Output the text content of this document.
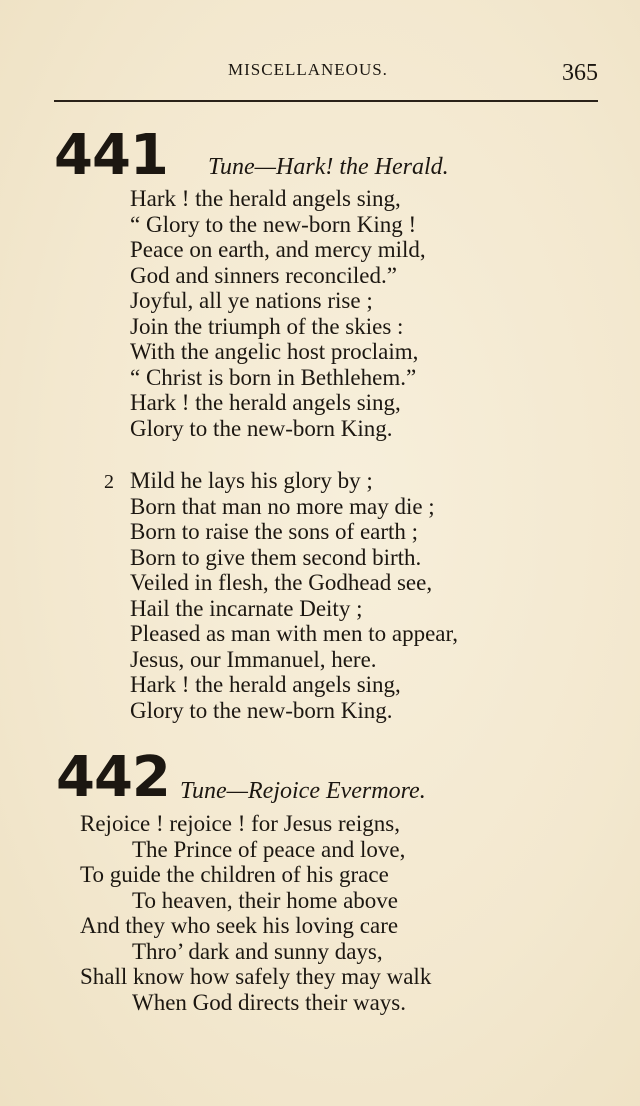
MISCELLANEOUS.	365
441 Tune—Hark! the Herald.
Hark ! the herald angels sing,
“ Glory to the new-born King !
Peace on earth, and mercy mild,
God and sinners reconciled.”
Joyful, all ye nations rise ;
Join the triumph of the skies :
With the angelic host proclaim,
“ Christ is born in Bethlehem.”
Hark ! the herald angels sing,
Glory to the new-born King.
2 Mild he lays his glory by ;
Born that man no more may die ;
Born to raise the sons of earth ;
Born to give them second birth.
Veiled in flesh, the Godhead see,
Hail the incarnate Deity ;
Pleased as man with men to appear,
Jesus, our Immanuel, here.
Hark ! the herald angels sing,
Glory to the new-born King.
442 Tune—Rejoice Evermore.
Rejoice ! rejoice ! for Jesus reigns,
The Prince of peace and love,
To guide the children of his grace
To heaven, their home above
And they who seek his loving care
Thro’ dark and sunny days,
Shall know how safely they may walk
When God directs their ways.
